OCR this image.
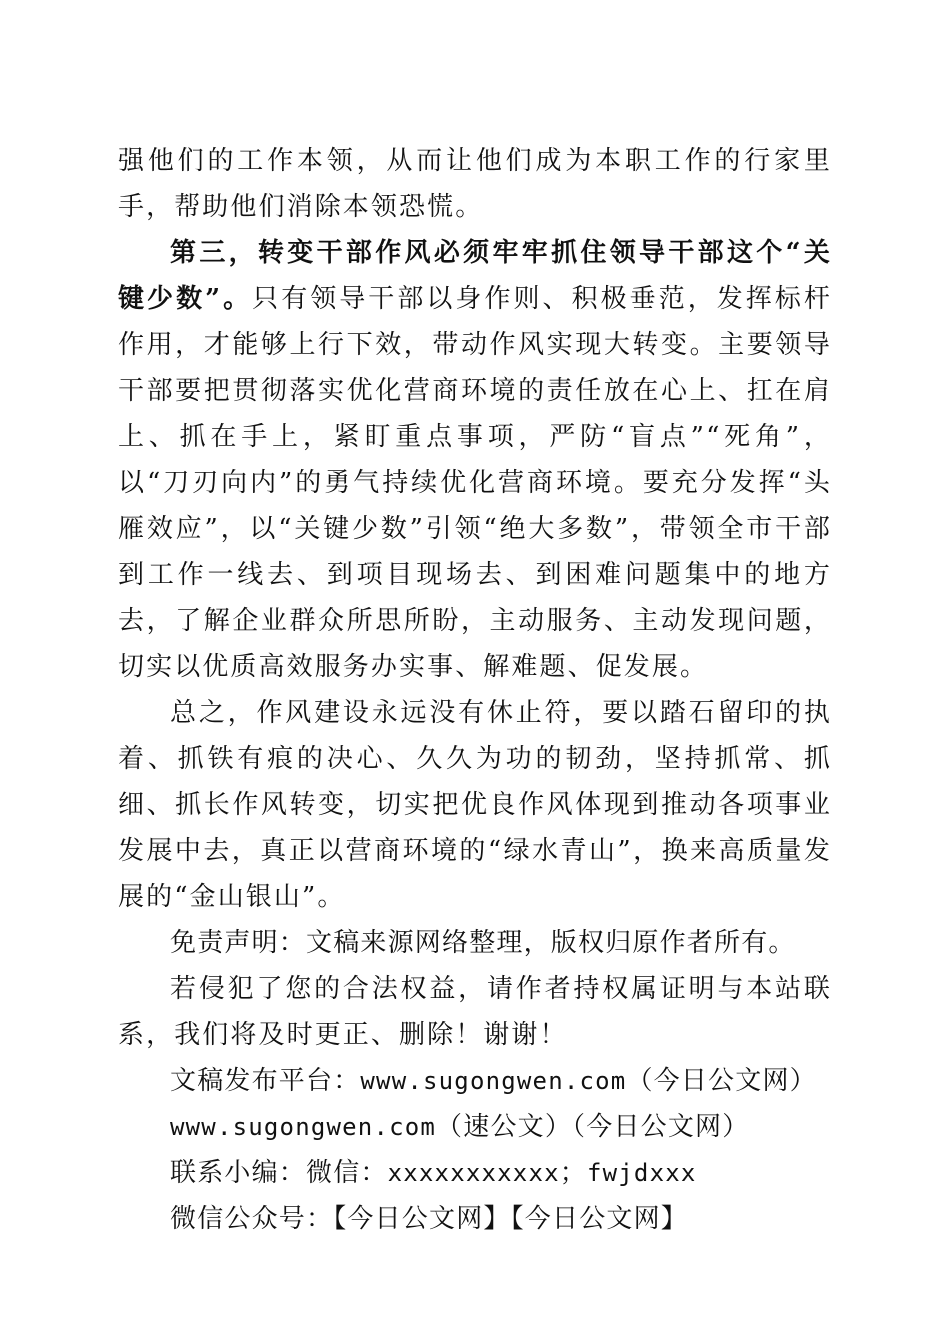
强他们的工作本领，从而让他们成为本职工作的行家里手，帮助他们消除本领恐慌。

第三，转变干部作风必须牢牢抓住领导干部这个“关键少数”。只有领导干部以身作则、积极垂范，发挥标杆作用，才能够上行下效，带动作风实现大转变。主要领导干部要把贯彻落实优化营商环境的责任放在心上、扛在肩上、抓在手上，紧盯重点事项，严防“盲点”“死角”，以“刀刃向内”的勇气持续优化营商环境。要充分发挥“头雁效应”，以“关键少数”引领“绝大多数”，带领全市干部到工作一线去、到项目现场去、到困难问题集中的地方去，了解企业群众所思所盼，主动服务、主动发现问题，切实以优质高效服务办实事、解难题、促发展。

总之，作风建设永远没有休止符，要以踏石留印的执着、抓铁有痕的决心、久久为功的韧劲，坚持抓常、抓细、抓长作风转变，切实把优良作风体现到推动各项事业发展中去，真正以营商环境的“绿水青山”，换来高质量发展的“金山银山”。

免责声明：文稿来源网络整理，版权归原作者所有。

若侵犯了您的合法权益，请作者持权属证明与本站联系，我们将及时更正、删除！谢谢！

文稿发布平台：www.sugongwen.com（今日公文网）

www.sugongwen.com（速公文）（今日公文网）

联系小编：微信：xxxxxxxxxxx；fwjdxxx

微信公众号：【今日公文网】【今日公文网】
